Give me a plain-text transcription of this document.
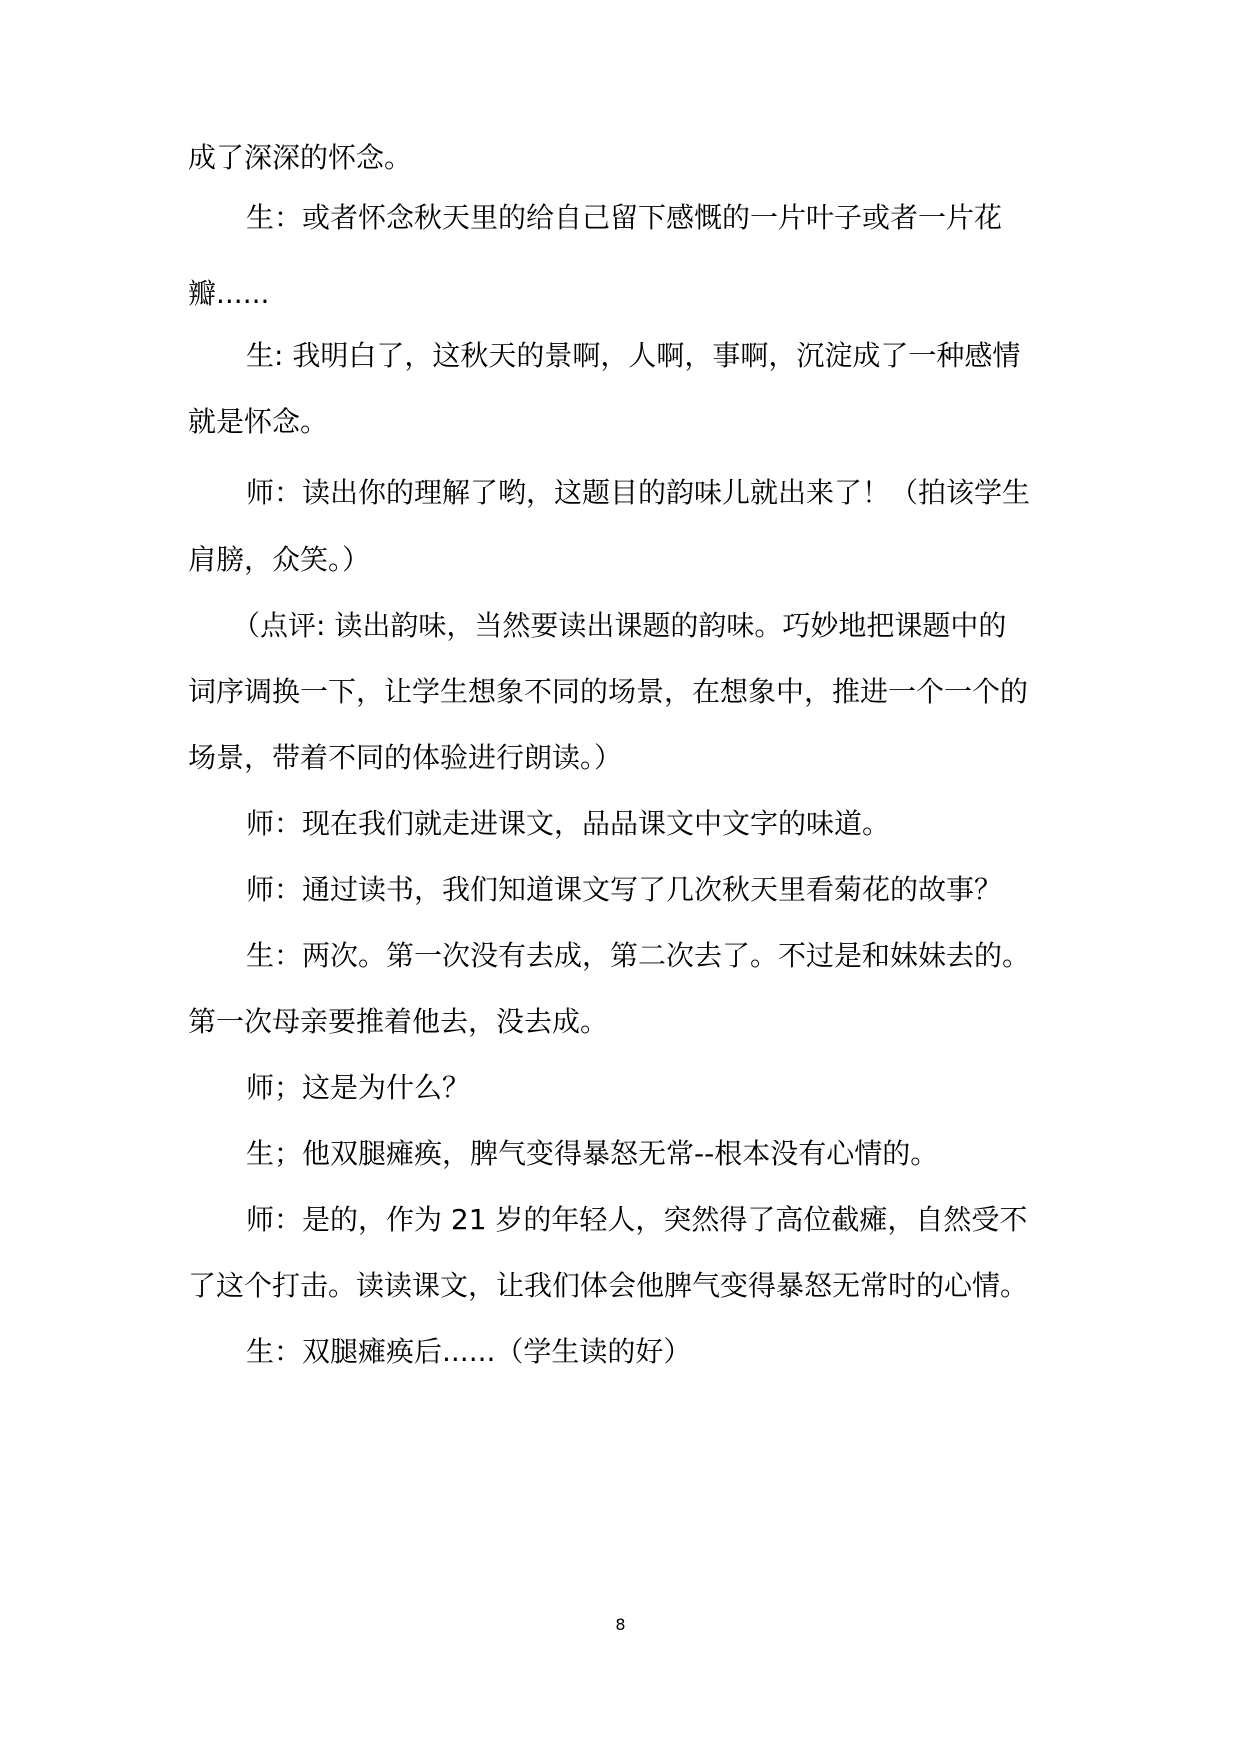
成了深深的怀念。
生：或者怀念秋天里的给自己留下感慨的一片叶子或者一片花
瓣......
生: 我明白了，这秋天的景啊，人啊，事啊，沉淀成了一种感情
就是怀念。
师：读出你的理解了哟，这题目的韵味儿就出来了！（拍该学生
肩膀，众笑。）
（点评: 读出韵味，当然要读出课题的韵味。巧妙地把课题中的
词序调换一下，让学生想象不同的场景，在想象中，推进一个一个的
场景，带着不同的体验进行朗读。）
师：现在我们就走进课文，品品课文中文字的味道。
师：通过读书，我们知道课文写了几次秋天里看菊花的故事？
生：两次。第一次没有去成，第二次去了。不过是和妹妹去的。
第一次母亲要推着他去，没去成。
师；这是为什么？
生；他双腿瘫痪，脾气变得暴怒无常--根本没有心情的。
师：是的，作为 21 岁的年轻人，突然得了高位截瘫，自然受不
了这个打击。读读课文，让我们体会他脾气变得暴怒无常时的心情。
生：双腿瘫痪后......（学生读的好）
8
